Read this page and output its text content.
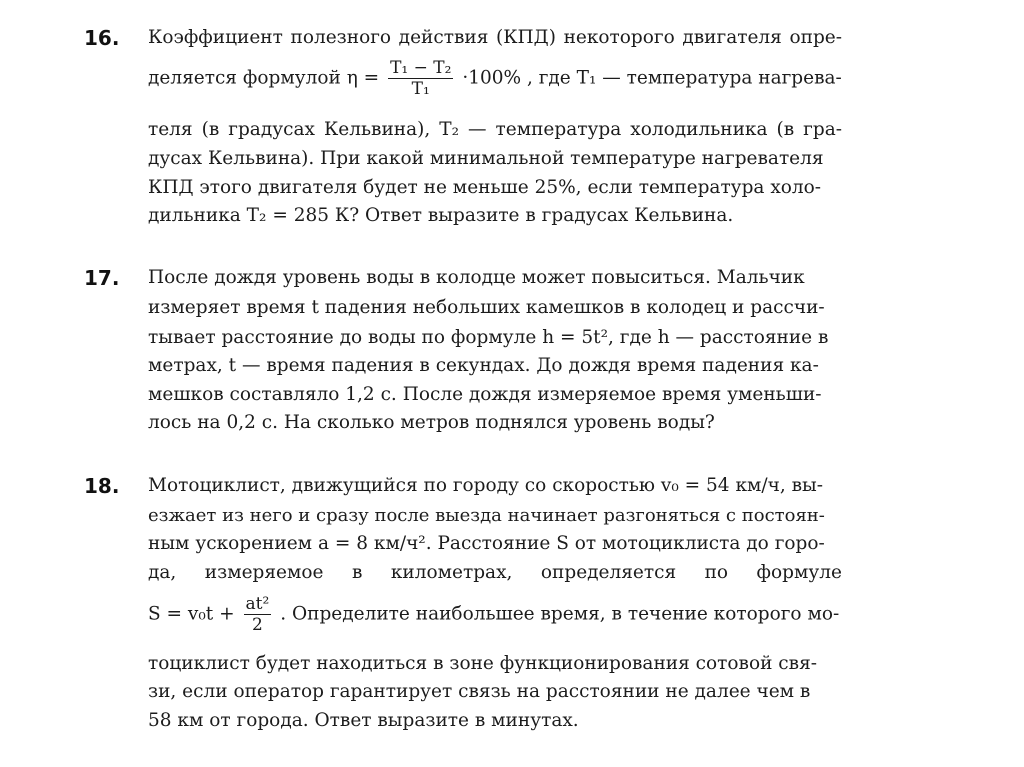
16. Коэффициент полезного действия (КПД) некоторого двигателя опре-
деляется формулой $\eta = \frac{\text{T₁ − T₂}}{\text{T₁}} \cdot 100\%$ , где T₁ — температура нагрева-
теля (в градусах Кельвина), T₂ — температура холодильника (в гра-
дусах Кельвина). При какой минимальной температуре нагревателя
КПД этого двигателя будет не меньше 25%, если температура холо-
дильника T₂ = 285 К? Ответ выразите в градусах Кельвина.
17. После дождя уровень воды в колодце может повыситься. Мальчик
измеряет время t падения небольших камешков в колодец и рассчи-
тывает расстояние до воды по формуле h = 5t², где h — расстояние в
метрах, t — время падения в секундах. До дождя время падения ка-
мешков составляло 1,2 с. После дождя измеряемое время уменьши-
лось на 0,2 с. На сколько метров поднялся уровень воды?
18. Мотоциклист, движущийся по городу со скоростью v₀ = 54 км/ч, вы-
езжает из него и сразу после выезда начинает разгоняться с постоян-
ным ускорением a = 8 км/ч². Расстояние S от мотоциклиста до горо-
да, измеряемое в километрах, определяется по формуле
$S = v_0t + \frac{\text{at²}}{2}$ . Определите наибольшее время, в течение которого мо-
тоциклист будет находиться в зоне функционирования сотовой свя-
зи, если оператор гарантирует связь на расстоянии не далее чем в
58 км от города. Ответ выразите в минутах.
